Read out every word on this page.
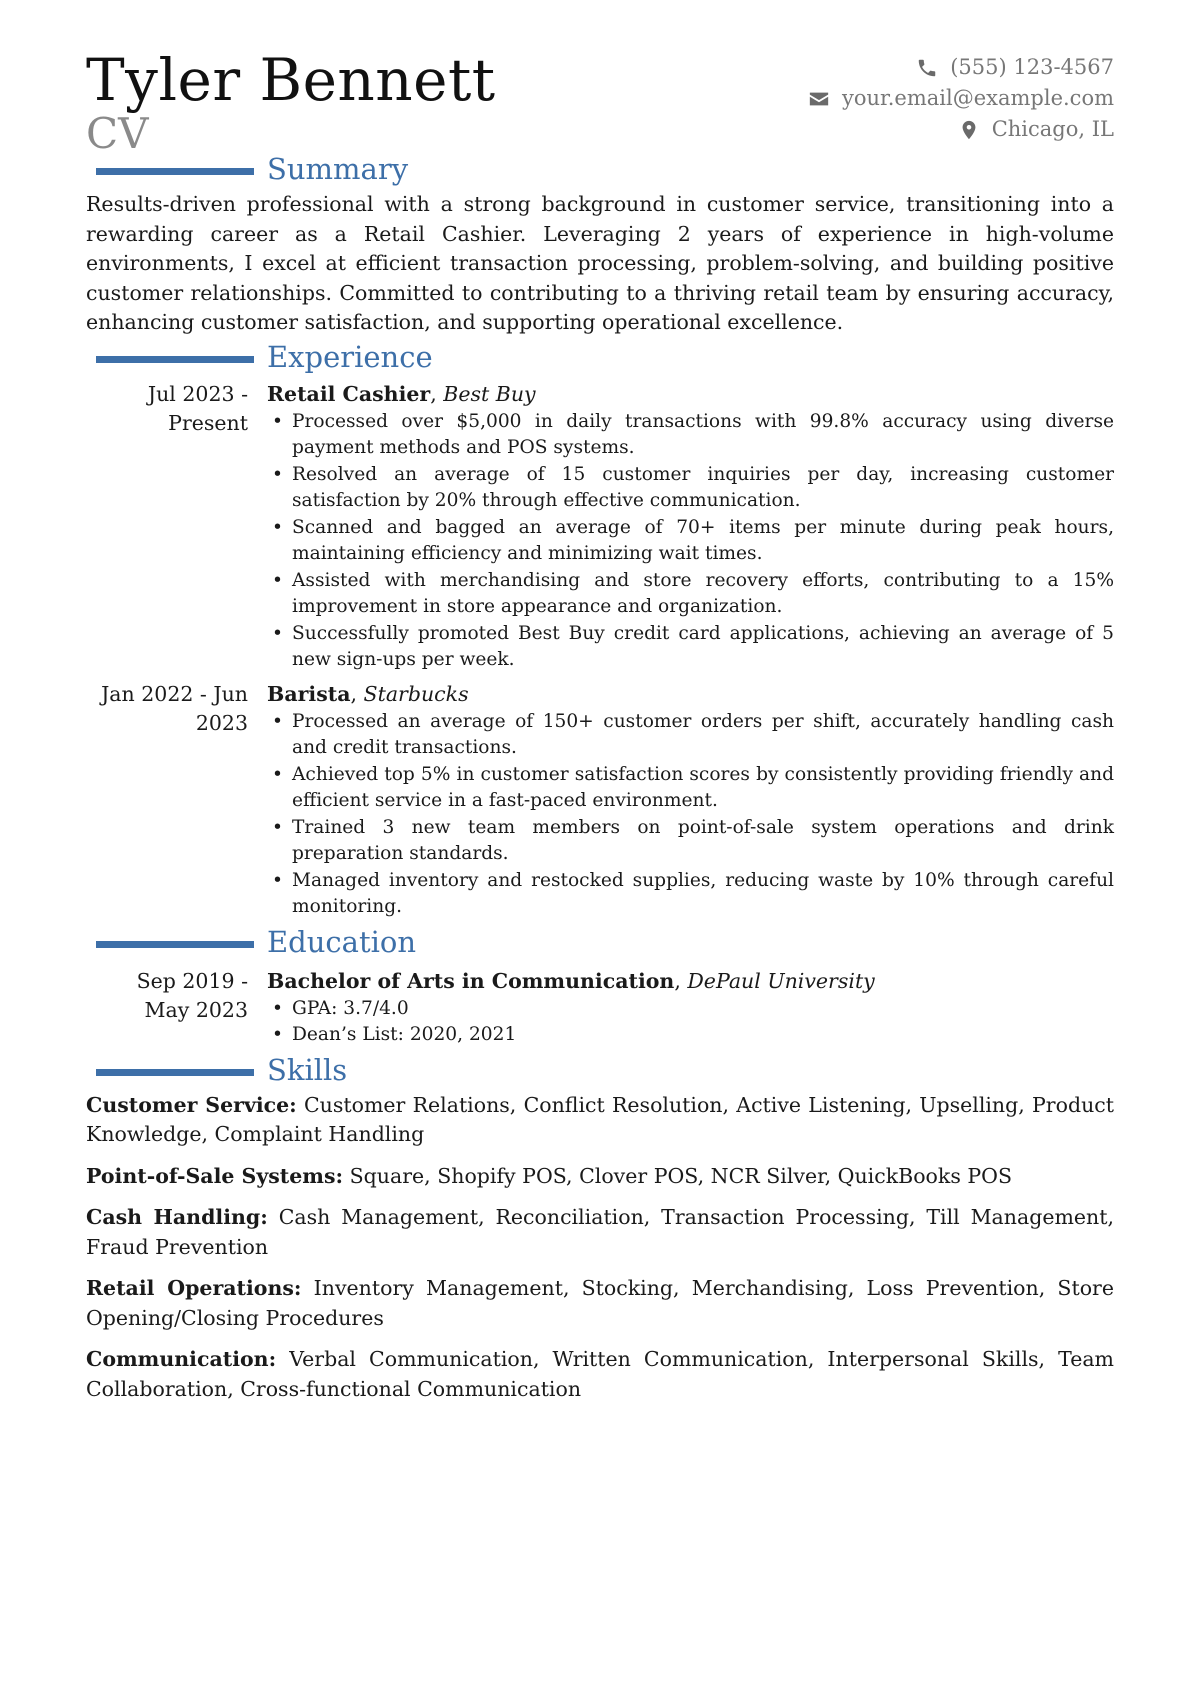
Tyler Bennett
CV
(555) 123-4567
your.email@example.com
Chicago, IL
Summary
Results-driven professional with a strong background in customer service, transitioning into a rewarding career as a Retail Cashier. Leveraging 2 years of experience in high-volume environments, I excel at efficient transaction processing, problem-solving, and building positive customer relationships. Committed to contributing to a thriving retail team by ensuring accuracy, enhancing customer satisfaction, and supporting operational excellence.
Experience
Jul 2023 - Present
Retail Cashier, Best Buy
• Processed over $5,000 in daily transactions with 99.8% accuracy using diverse payment methods and POS systems.
• Resolved an average of 15 customer inquiries per day, increasing customer satisfaction by 20% through effective communication.
• Scanned and bagged an average of 70+ items per minute during peak hours, maintaining efficiency and minimizing wait times.
• Assisted with merchandising and store recovery efforts, contributing to a 15% improvement in store appearance and organization.
• Successfully promoted Best Buy credit card applications, achieving an average of 5 new sign-ups per week.
Jan 2022 - Jun 2023
Barista, Starbucks
• Processed an average of 150+ customer orders per shift, accurately handling cash and credit transactions.
• Achieved top 5% in customer satisfaction scores by consistently providing friendly and efficient service in a fast-paced environment.
• Trained 3 new team members on point-of-sale system operations and drink preparation standards.
• Managed inventory and restocked supplies, reducing waste by 10% through careful monitoring.
Education
Sep 2019 - May 2023
Bachelor of Arts in Communication, DePaul University
• GPA: 3.7/4.0
• Dean’s List: 2020, 2021
Skills
Customer Service: Customer Relations, Conflict Resolution, Active Listening, Upselling, Product Knowledge, Complaint Handling
Point-of-Sale Systems: Square, Shopify POS, Clover POS, NCR Silver, QuickBooks POS
Cash Handling: Cash Management, Reconciliation, Transaction Processing, Till Management, Fraud Prevention
Retail Operations: Inventory Management, Stocking, Merchandising, Loss Prevention, Store Opening/Closing Procedures
Communication: Verbal Communication, Written Communication, Interpersonal Skills, Team Collaboration, Cross-functional Communication
